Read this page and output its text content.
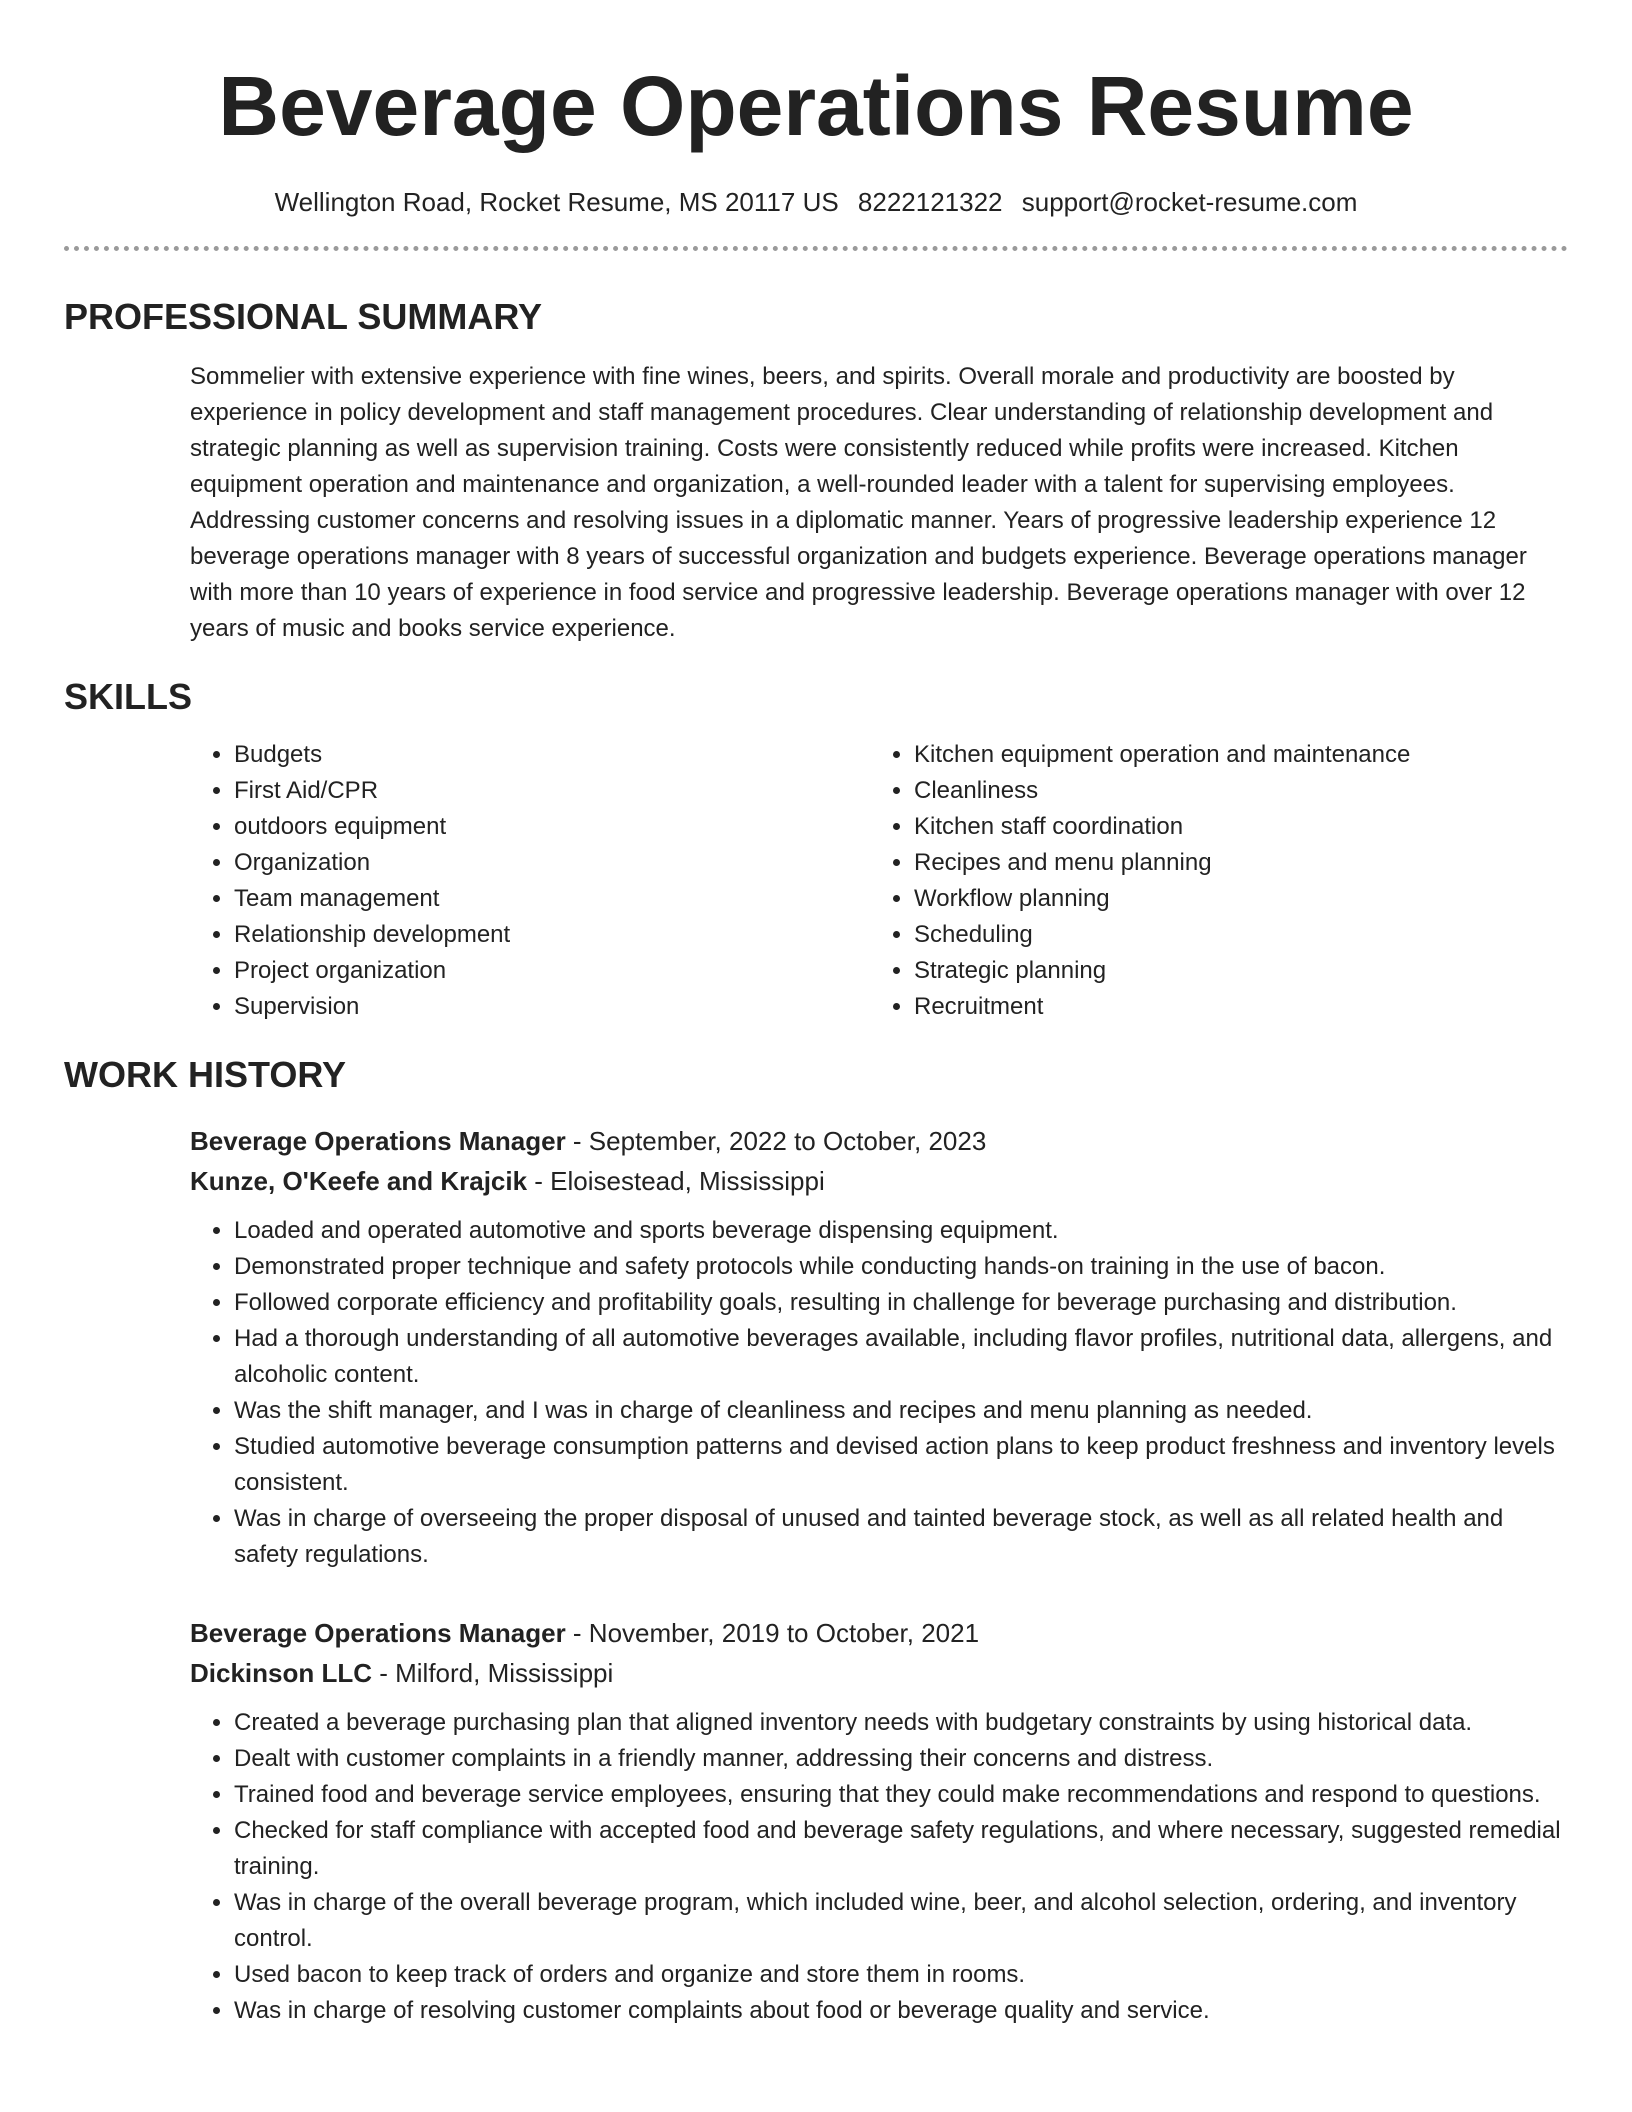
Beverage Operations Resume
Wellington Road, Rocket Resume, MS 20117 US 8222121322 support@rocket-resume.com
PROFESSIONAL SUMMARY

Sommelier with extensive experience with fine wines, beers, and spirits. Overall morale and productivity are boosted by experience in policy development and staff management procedures. Clear understanding of relationship development and strategic planning as well as supervision training. Costs were consistently reduced while profits were increased. Kitchen equipment operation and maintenance and organization, a well-rounded leader with a talent for supervising employees. Addressing customer concerns and resolving issues in a diplomatic manner. Years of progressive leadership experience 12 beverage operations manager with 8 years of successful organization and budgets experience. Beverage operations manager with more than 10 years of experience in food service and progressive leadership. Beverage operations manager with over 12 years of music and books service experience.

SKILLS
• Budgets
• First Aid/CPR
• outdoors equipment
• Organization
• Team management
• Relationship development
• Project organization
• Supervision
• Kitchen equipment operation and maintenance
• Cleanliness
• Kitchen staff coordination
• Recipes and menu planning
• Workflow planning
• Scheduling
• Strategic planning
• Recruitment
WORK HISTORY
Beverage Operations Manager - September, 2022 to October, 2023
Kunze, O'Keefe and Krajcik - Eloisestead, Mississippi
• Loaded and operated automotive and sports beverage dispensing equipment.
• Demonstrated proper technique and safety protocols while conducting hands-on training in the use of bacon.
• Followed corporate efficiency and profitability goals, resulting in challenge for beverage purchasing and distribution.
• Had a thorough understanding of all automotive beverages available, including flavor profiles, nutritional data, allergens, and alcoholic content.
• Was the shift manager, and I was in charge of cleanliness and recipes and menu planning as needed.
• Studied automotive beverage consumption patterns and devised action plans to keep product freshness and inventory levels consistent.
• Was in charge of overseeing the proper disposal of unused and tainted beverage stock, as well as all related health and safety regulations.
Beverage Operations Manager - November, 2019 to October, 2021
Dickinson LLC - Milford, Mississippi
• Created a beverage purchasing plan that aligned inventory needs with budgetary constraints by using historical data.
• Dealt with customer complaints in a friendly manner, addressing their concerns and distress.
• Trained food and beverage service employees, ensuring that they could make recommendations and respond to questions.
• Checked for staff compliance with accepted food and beverage safety regulations, and where necessary, suggested remedial training.
• Was in charge of the overall beverage program, which included wine, beer, and alcohol selection, ordering, and inventory control.
• Used bacon to keep track of orders and organize and store them in rooms.
• Was in charge of resolving customer complaints about food or beverage quality and service.
